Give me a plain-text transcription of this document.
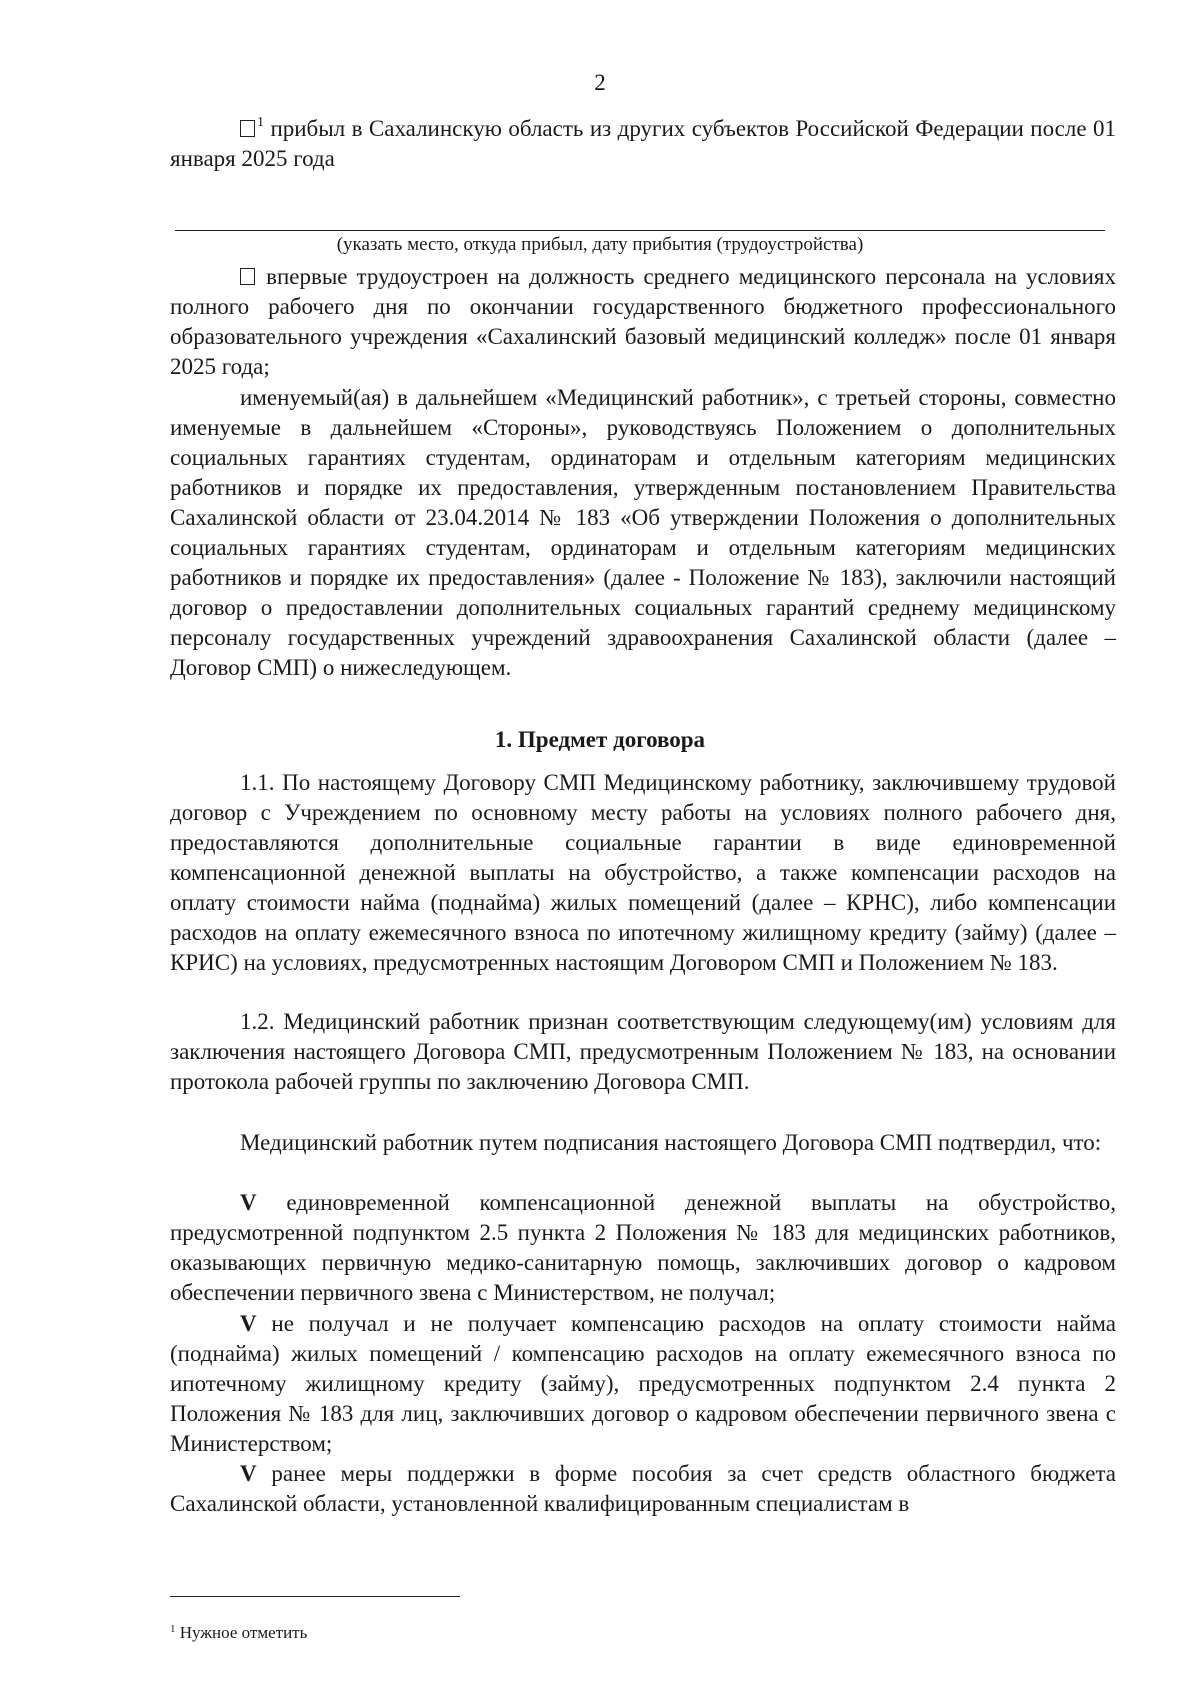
2
$^1$ прибыл в Сахалинскую область из других субъектов Российской Федерации после 01 января 2025 года
(указать место, откуда прибыл, дату прибытия (трудоустройства)
впервые трудоустроен на должность среднего медицинского персонала на условиях полного рабочего дня по окончании государственного бюджетного профессионального образовательного учреждения «Сахалинский базовый медицинский колледж» после 01 января 2025 года;
именуемый(ая) в дальнейшем «Медицинский работник», с третьей стороны, совместно именуемые в дальнейшем «Стороны», руководствуясь Положением о дополнительных социальных гарантиях студентам, ординаторам и отдельным категориям медицинских работников и порядке их предоставления, утвержденным постановлением Правительства Сахалинской области от 23.04.2014 № 183 «Об утверждении Положения о дополнительных социальных гарантиях студентам, ординаторам и отдельным категориям медицинских работников и порядке их предоставления» (далее - Положение № 183), заключили настоящий договор о предоставлении дополнительных социальных гарантий среднему медицинскому персоналу государственных учреждений здравоохранения Сахалинской области (далее – Договор СМП) о нижеследующем.
1. Предмет договора
1.1. По настоящему Договору СМП Медицинскому работнику, заключившему трудовой договор с Учреждением по основному месту работы на условиях полного рабочего дня, предоставляются дополнительные социальные гарантии в виде единовременной компенсационной денежной выплаты на обустройство, а также компенсации расходов на оплату стоимости найма (поднайма) жилых помещений (далее – КРНС), либо компенсации расходов на оплату ежемесячного взноса по ипотечному жилищному кредиту (займу) (далее – КРИС) на условиях, предусмотренных настоящим Договором СМП и Положением № 183.
1.2. Медицинский работник признан соответствующим следующему(им) условиям для заключения настоящего Договора СМП, предусмотренным Положением № 183, на основании протокола рабочей группы по заключению Договора СМП.
Медицинский работник путем подписания настоящего Договора СМП подтвердил, что:
V единовременной компенсационной денежной выплаты на обустройство, предусмотренной подпунктом 2.5 пункта 2 Положения № 183 для медицинских работников, оказывающих первичную медико-санитарную помощь, заключивших договор о кадровом обеспечении первичного звена с Министерством, не получал;
V не получал и не получает компенсацию расходов на оплату стоимости найма (поднайма) жилых помещений / компенсацию расходов на оплату ежемесячного взноса по ипотечному жилищному кредиту (займу), предусмотренных подпунктом 2.4 пункта 2 Положения № 183 для лиц, заключивших договор о кадровом обеспечении первичного звена с Министерством;
V ранее меры поддержки в форме пособия за счет средств областного бюджета Сахалинской области, установленной квалифицированным специалистам в
$^1$ Нужное отметить
